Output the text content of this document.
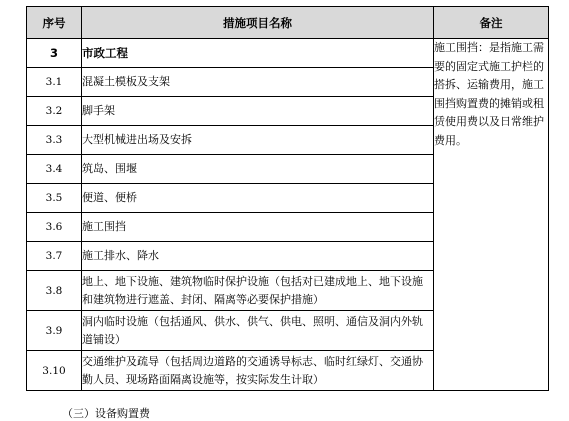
序号	措施项目名称	备注
3	市政工程	施工围挡：是指施工需要的固定式施工护栏的搭拆、运输费用，施工围挡购置费的摊销或租赁使用费以及日常维护费用。
3.1	混凝土模板及支架	
3.2	脚手架	
3.3	大型机械进出场及安拆	
3.4	筑岛、围堰	
3.5	便道、便桥	
3.6	施工围挡	
3.7	施工排水、降水	
3.8	地上、地下设施、建筑物临时保护设施（包括对已建成地上、地下设施和建筑物进行遮盖、封闭、隔离等必要保护措施）	
3.9	洞内临时设施（包括通风、供水、供气、供电、照明、通信及洞内外轨道铺设）	
3.10	交通维护及疏导（包括周边道路的交通诱导标志、临时红绿灯、交通协勤人员、现场路面隔离设施等，按实际发生计取）	
（三）设备购置费
